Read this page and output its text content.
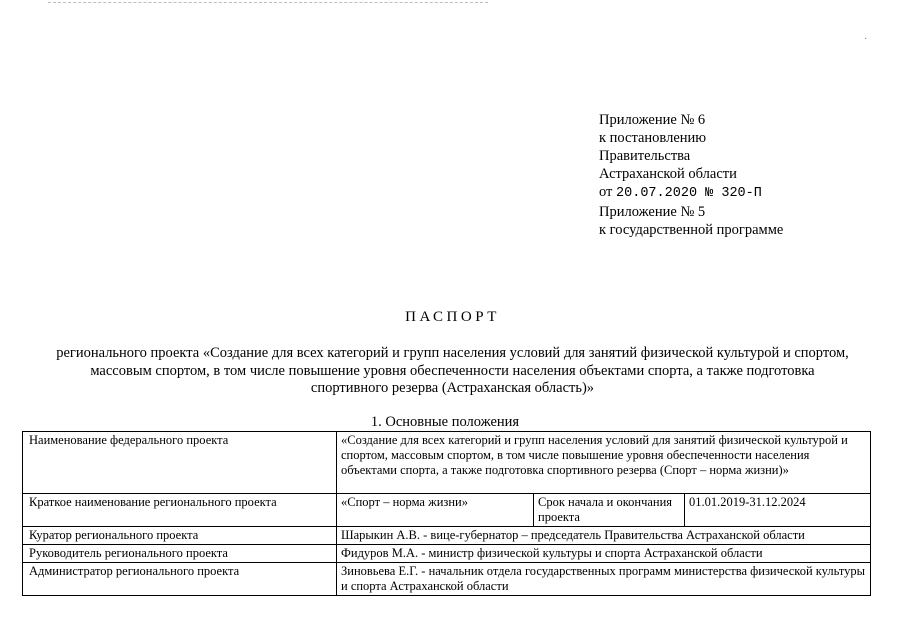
·
Приложение № 6
к постановлению
Правительства
Астраханской области
от 20.07.2020 № 320-П
Приложение № 5
к государственной программе
ПАСПОРТ
регионального проекта «Создание для всех категорий и групп населения условий для занятий физической культурой и спортом, массовым спортом, в том числе повышение уровня обеспеченности населения объектами спорта, а также подготовка спортивного резерва (Астраханская область)»
1. Основные положения
Наименование федерального проекта	«Создание для всех категорий и групп населения условий для занятий физической культурой и спортом, массовым спортом, в том числе повышение уровня обеспеченности населения объектами спорта, а также подготовка спортивного резерва (Спорт – норма жизни)»		
Краткое наименование регионального проекта	«Спорт – норма жизни»	Срок начала и окончания проекта	01.01.2019-31.12.2024
Куратор регионального проекта	Шарыкин А.В. - вице-губернатор – председатель Правительства Астраханской области		
Руководитель регионального проекта	Фидуров М.А. - министр физической культуры и спорта Астраханской области		
Администратор регионального проекта	Зиновьева Е.Г. - начальник отдела государственных программ министерства физической культуры и спорта Астраханской области		
